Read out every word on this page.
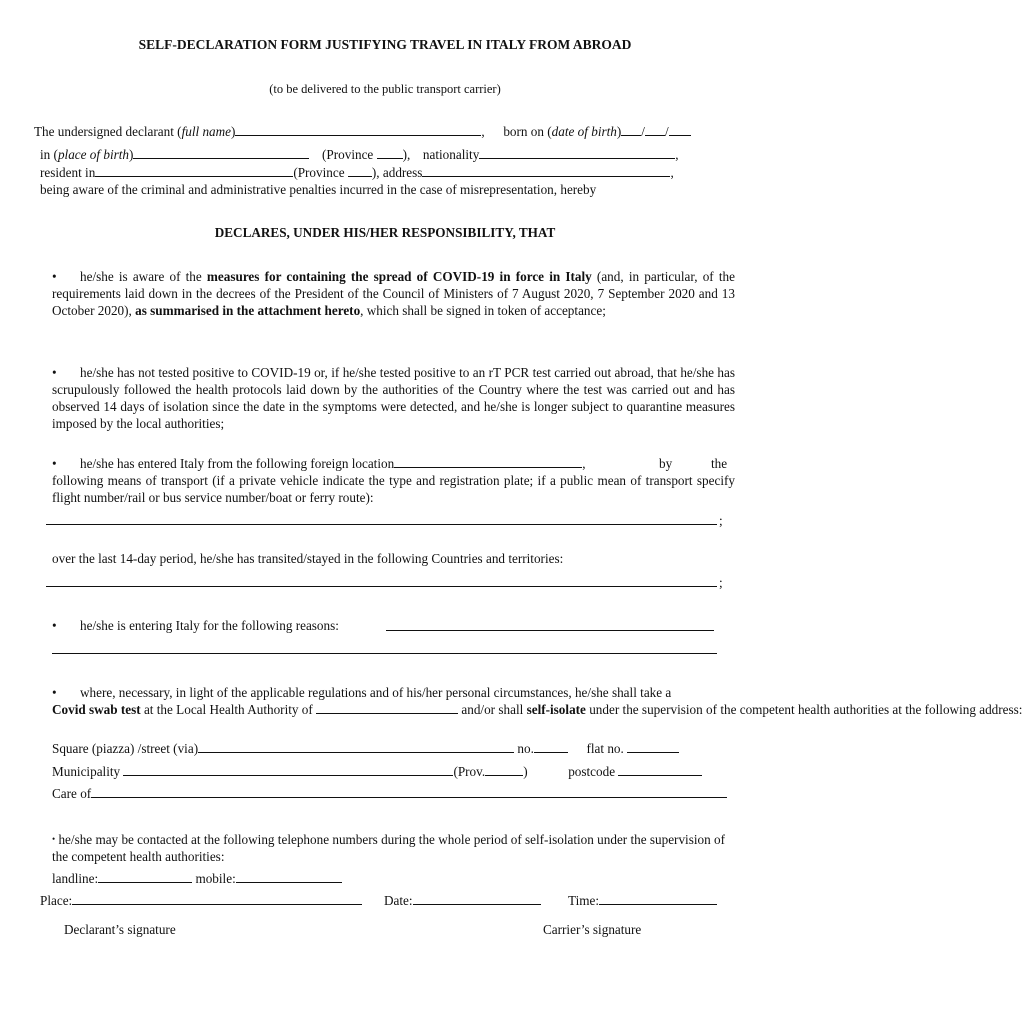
SELF-DECLARATION FORM JUSTIFYING TRAVEL IN ITALY FROM ABROAD
(to be delivered to the public transport carrier)
The undersigned declarant (full name)	, born on (date of birth) / /
in (place of birth)	(Province ), nationality	,
resident in	(Province ), address	,
being aware of the criminal and administrative penalties incurred in the case of misrepresentation, hereby
DECLARES, UNDER HIS/HER RESPONSIBILITY, THAT
• he/she is aware of the measures for containing the spread of COVID-19 in force in Italy (and, in particular, of the requirements laid down in the decrees of the President of the Council of Ministers of 7 August 2020, 7 September 2020 and 13 October 2020), as summarised in the attachment hereto, which shall be signed in token of acceptance;
• he/she has not tested positive to COVID-19 or, if he/she tested positive to an rT PCR test carried out abroad, that he/she has scrupulously followed the health protocols laid down by the authorities of the Country where the test was carried out and has observed 14 days of isolation since the date in the symptoms were detected, and he/she is longer subject to quarantine measures imposed by the local authorities;
• he/she has entered Italy from the following foreign location	,	by	the
following means of transport (if a private vehicle indicate the type and registration plate; if a public mean of transport specify flight number/rail or bus service number/boat or ferry route):
;
over the last 14-day period, he/she has transited/stayed in the following Countries and territories:
;
• he/she is entering Italy for the following reasons:
• where, necessary, in light of the applicable regulations and of his/her personal circumstances, he/she shall take a
Covid swab test at the Local Health Authority of	and/or shall self-isolate under the supervision of the competent health authorities at the following address:
Square (piazza) /street (via)	no.	flat no.
Municipality	(Prov.	)	postcode
Care of
• he/she may be contacted at the following telephone numbers during the whole period of self-isolation under the supervision of the competent health authorities:
landline:	mobile:
Place:	Date:	Time:
Declarant’s signature	Carrier’s signature
